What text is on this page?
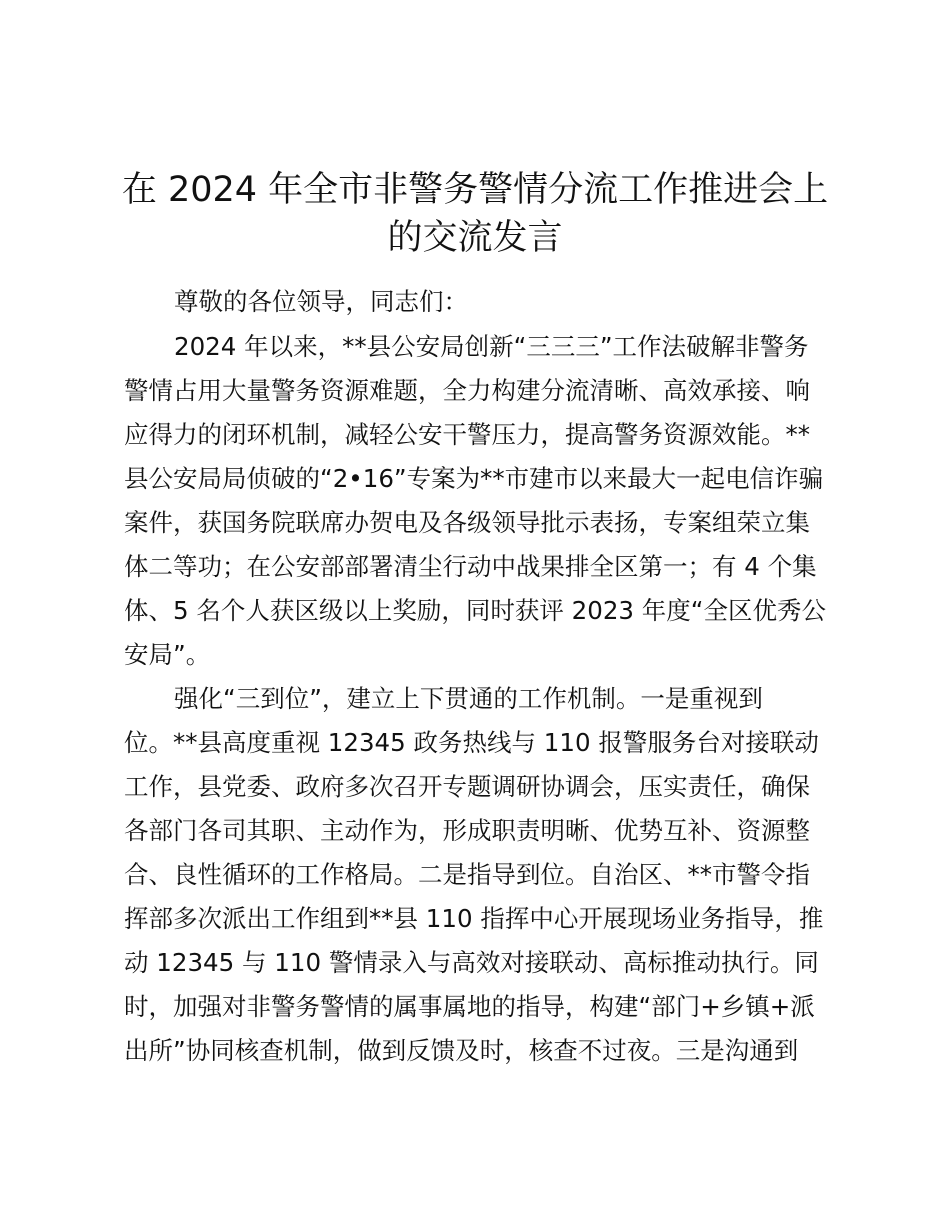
在 2024 年全市非警务警情分流工作推进会上
的交流发言
尊敬的各位领导，同志们：
2024 年以来，**县公安局创新“三三三”工作法破解非警务
警情占用大量警务资源难题，全力构建分流清晰、高效承接、响
应得力的闭环机制，减轻公安干警压力，提高警务资源效能。**
县公安局局侦破的“2•16”专案为**市建市以来最大一起电信诈骗
案件，获国务院联席办贺电及各级领导批示表扬，专案组荣立集
体二等功；在公安部部署清尘行动中战果排全区第一；有 4 个集
体、5 名个人获区级以上奖励，同时获评 2023 年度“全区优秀公
安局”。
强化“三到位”，建立上下贯通的工作机制。一是重视到
位。**县高度重视 12345 政务热线与 110 报警服务台对接联动
工作，县党委、政府多次召开专题调研协调会，压实责任，确保
各部门各司其职、主动作为，形成职责明晰、优势互补、资源整
合、良性循环的工作格局。二是指导到位。自治区、**市警令指
挥部多次派出工作组到**县 110 指挥中心开展现场业务指导，推
动 12345 与 110 警情录入与高效对接联动、高标推动执行。同
时，加强对非警务警情的属事属地的指导，构建“部门+乡镇+派
出所”协同核查机制，做到反馈及时，核查不过夜。三是沟通到
